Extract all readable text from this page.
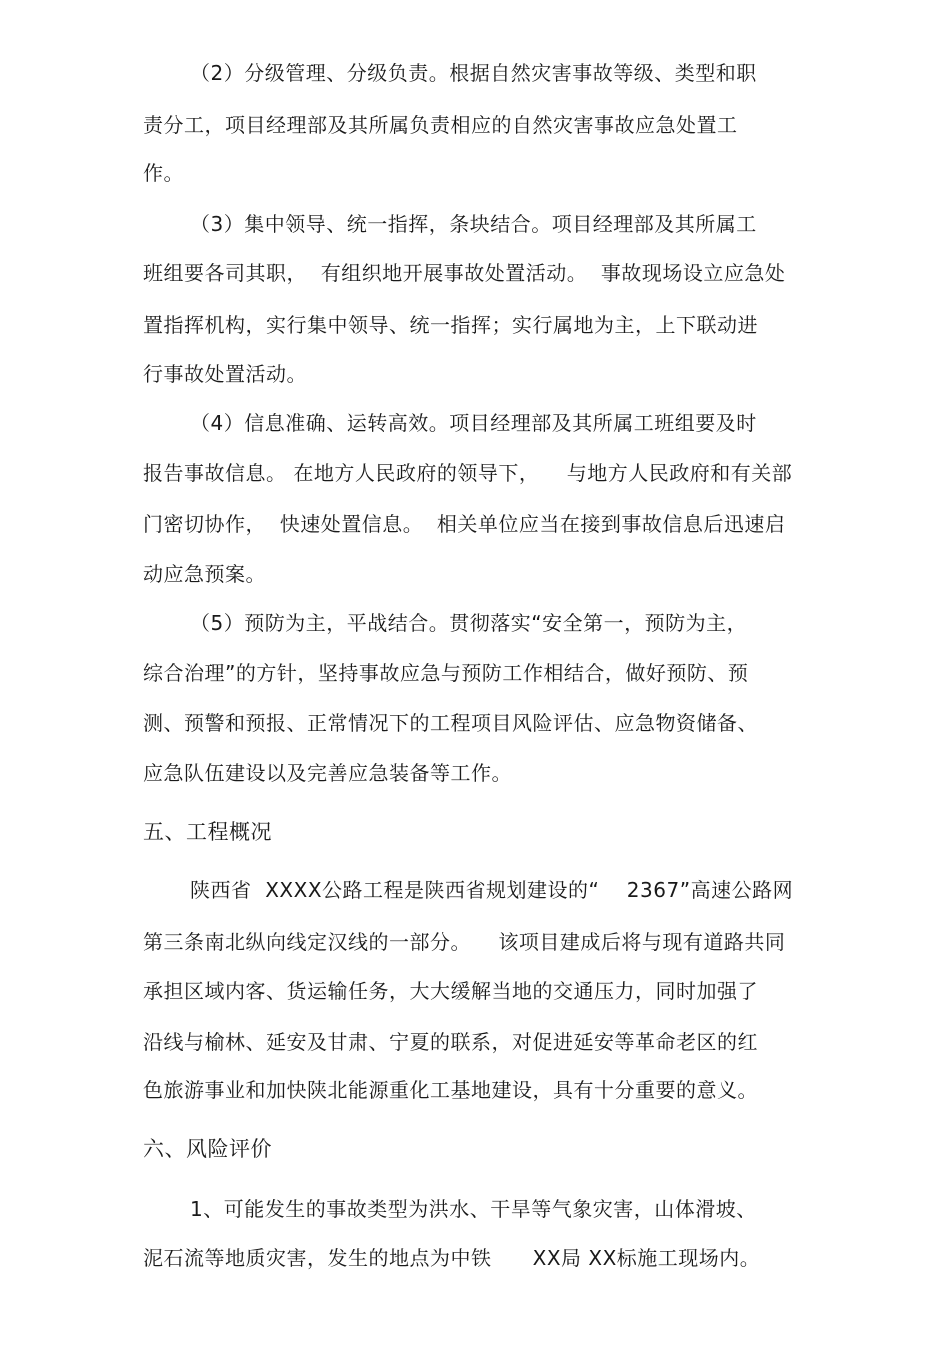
（2）分级管理、分级负责。根据自然灾害事故等级、类型和职
责分工，项目经理部及其所属负责相应的自然灾害事故应急处置工
作。
（3）集中领导、统一指挥，条块结合。项目经理部及其所属工
班组要各司其职，  有组织地开展事故处置活动。  事故现场设立应急处
置指挥机构，实行集中领导、统一指挥；实行属地为主，上下联动进
行事故处置活动。
（4）信息准确、运转高效。项目经理部及其所属工班组要及时
报告事故信息。 在地方人民政府的领导下，    与地方人民政府和有关部
门密切协作，  快速处置信息。  相关单位应当在接到事故信息后迅速启
动应急预案。
（5）预防为主，平战结合。贯彻落实“安全第一，预防为主，
综合治理”的方针，坚持事故应急与预防工作相结合，做好预防、预
测、预警和预报、正常情况下的工程项目风险评估、应急物资储备、
应急队伍建设以及完善应急装备等工作。
五、工程概况
陕西省  XXXX公路工程是陕西省规划建设的“    2367”高速公路网
第三条南北纵向线定汉线的一部分。    该项目建成后将与现有道路共同
承担区域内客、货运输任务，大大缓解当地的交通压力，同时加强了
沿线与榆林、延安及甘肃、宁夏的联系，对促进延安等革命老区的红
色旅游事业和加快陕北能源重化工基地建设，具有十分重要的意义。
六、风险评价
1、可能发生的事故类型为洪水、干旱等气象灾害，山体滑坡、
泥石流等地质灾害，发生的地点为中铁      XX局 XX标施工现场内。
